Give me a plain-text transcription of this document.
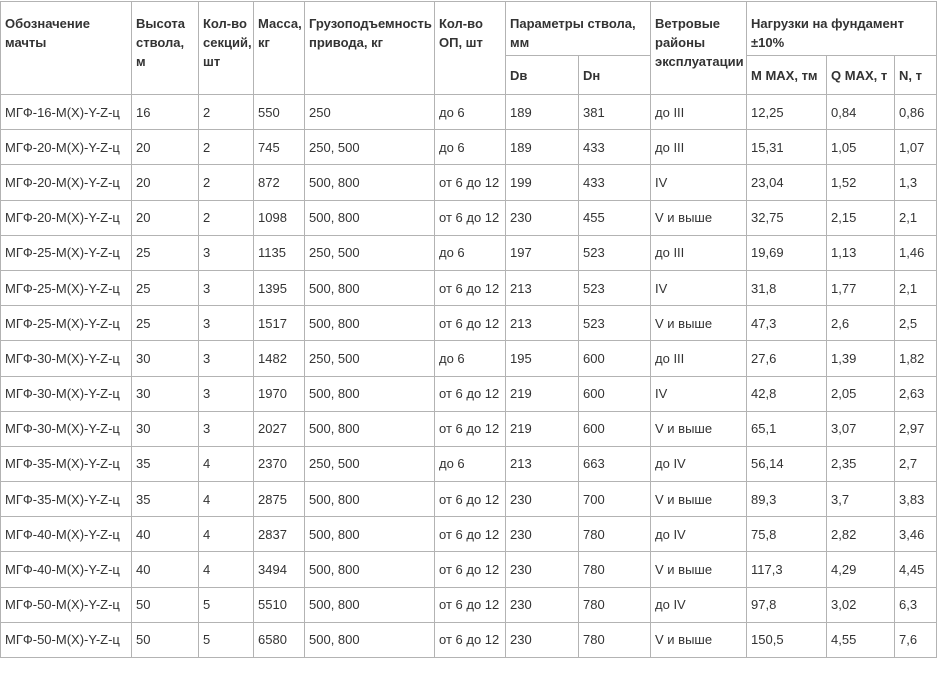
Обозначение мачты	Высота ствола, м	Кол-во секций, шт	Масса, кг	Грузоподъемность привода, кг	Кол-во ОП, шт	Параметры ствола, мм		Ветровые районы эксплуатации	Нагрузки на фундамент ±10%		
						Dв	Dн		M MAX, тм	Q MAX, т	N, т
МГФ-16-М(Х)-Y-Z-ц	16	2	550	250	до 6	189	381	до III	12,25	0,84	0,86
МГФ-20-М(Х)-Y-Z-ц	20	2	745	250, 500	до 6	189	433	до III	15,31	1,05	1,07
МГФ-20-М(Х)-Y-Z-ц	20	2	872	500, 800	от 6 до 12	199	433	IV	23,04	1,52	1,3
МГФ-20-М(Х)-Y-Z-ц	20	2	1098	500, 800	от 6 до 12	230	455	V и выше	32,75	2,15	2,1
МГФ-25-М(Х)-Y-Z-ц	25	3	1135	250, 500	до 6	197	523	до III	19,69	1,13	1,46
МГФ-25-М(Х)-Y-Z-ц	25	3	1395	500, 800	от 6 до 12	213	523	IV	31,8	1,77	2,1
МГФ-25-М(Х)-Y-Z-ц	25	3	1517	500, 800	от 6 до 12	213	523	V и выше	47,3	2,6	2,5
МГФ-30-М(Х)-Y-Z-ц	30	3	1482	250, 500	до 6	195	600	до III	27,6	1,39	1,82
МГФ-30-М(Х)-Y-Z-ц	30	3	1970	500, 800	от 6 до 12	219	600	IV	42,8	2,05	2,63
МГФ-30-М(Х)-Y-Z-ц	30	3	2027	500, 800	от 6 до 12	219	600	V и выше	65,1	3,07	2,97
МГФ-35-М(Х)-Y-Z-ц	35	4	2370	250, 500	до 6	213	663	до IV	56,14	2,35	2,7
МГФ-35-М(Х)-Y-Z-ц	35	4	2875	500, 800	от 6 до 12	230	700	V и выше	89,3	3,7	3,83
МГФ-40-М(Х)-Y-Z-ц	40	4	2837	500, 800	от 6 до 12	230	780	до IV	75,8	2,82	3,46
МГФ-40-М(Х)-Y-Z-ц	40	4	3494	500, 800	от 6 до 12	230	780	V и выше	117,3	4,29	4,45
МГФ-50-М(Х)-Y-Z-ц	50	5	5510	500, 800	от 6 до 12	230	780	до IV	97,8	3,02	6,3
МГФ-50-М(Х)-Y-Z-ц	50	5	6580	500, 800	от 6 до 12	230	780	V и выше	150,5	4,55	7,6
